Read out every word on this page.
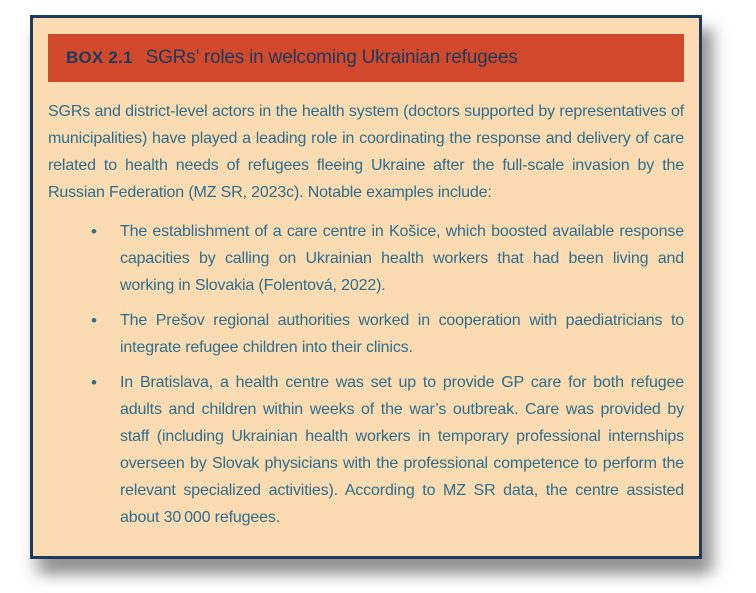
BOX 2.1 SGRs’ roles in welcoming Ukrainian refugees

SGRs and district-level actors in the health system (doctors supported by representatives of municipalities) have played a leading role in coordinating the response and delivery of care related to health needs of refugees fleeing Ukraine after the full-scale invasion by the Russian Federation (MZ SR, 2023c). Notable examples include:

• The establishment of a care centre in Košice, which boosted available response capacities by calling on Ukrainian health workers that had been living and working in Slovakia (Folentová, 2022).
• The Prešov regional authorities worked in cooperation with paediatricians to integrate refugee children into their clinics.
• In Bratislava, a health centre was set up to provide GP care for both refugee adults and children within weeks of the war’s outbreak. Care was provided by staff (including Ukrainian health workers in temporary professional internships overseen by Slovak physicians with the professional competence to perform the relevant specialized activities). According to MZ SR data, the centre assisted about 30 000 refugees.
